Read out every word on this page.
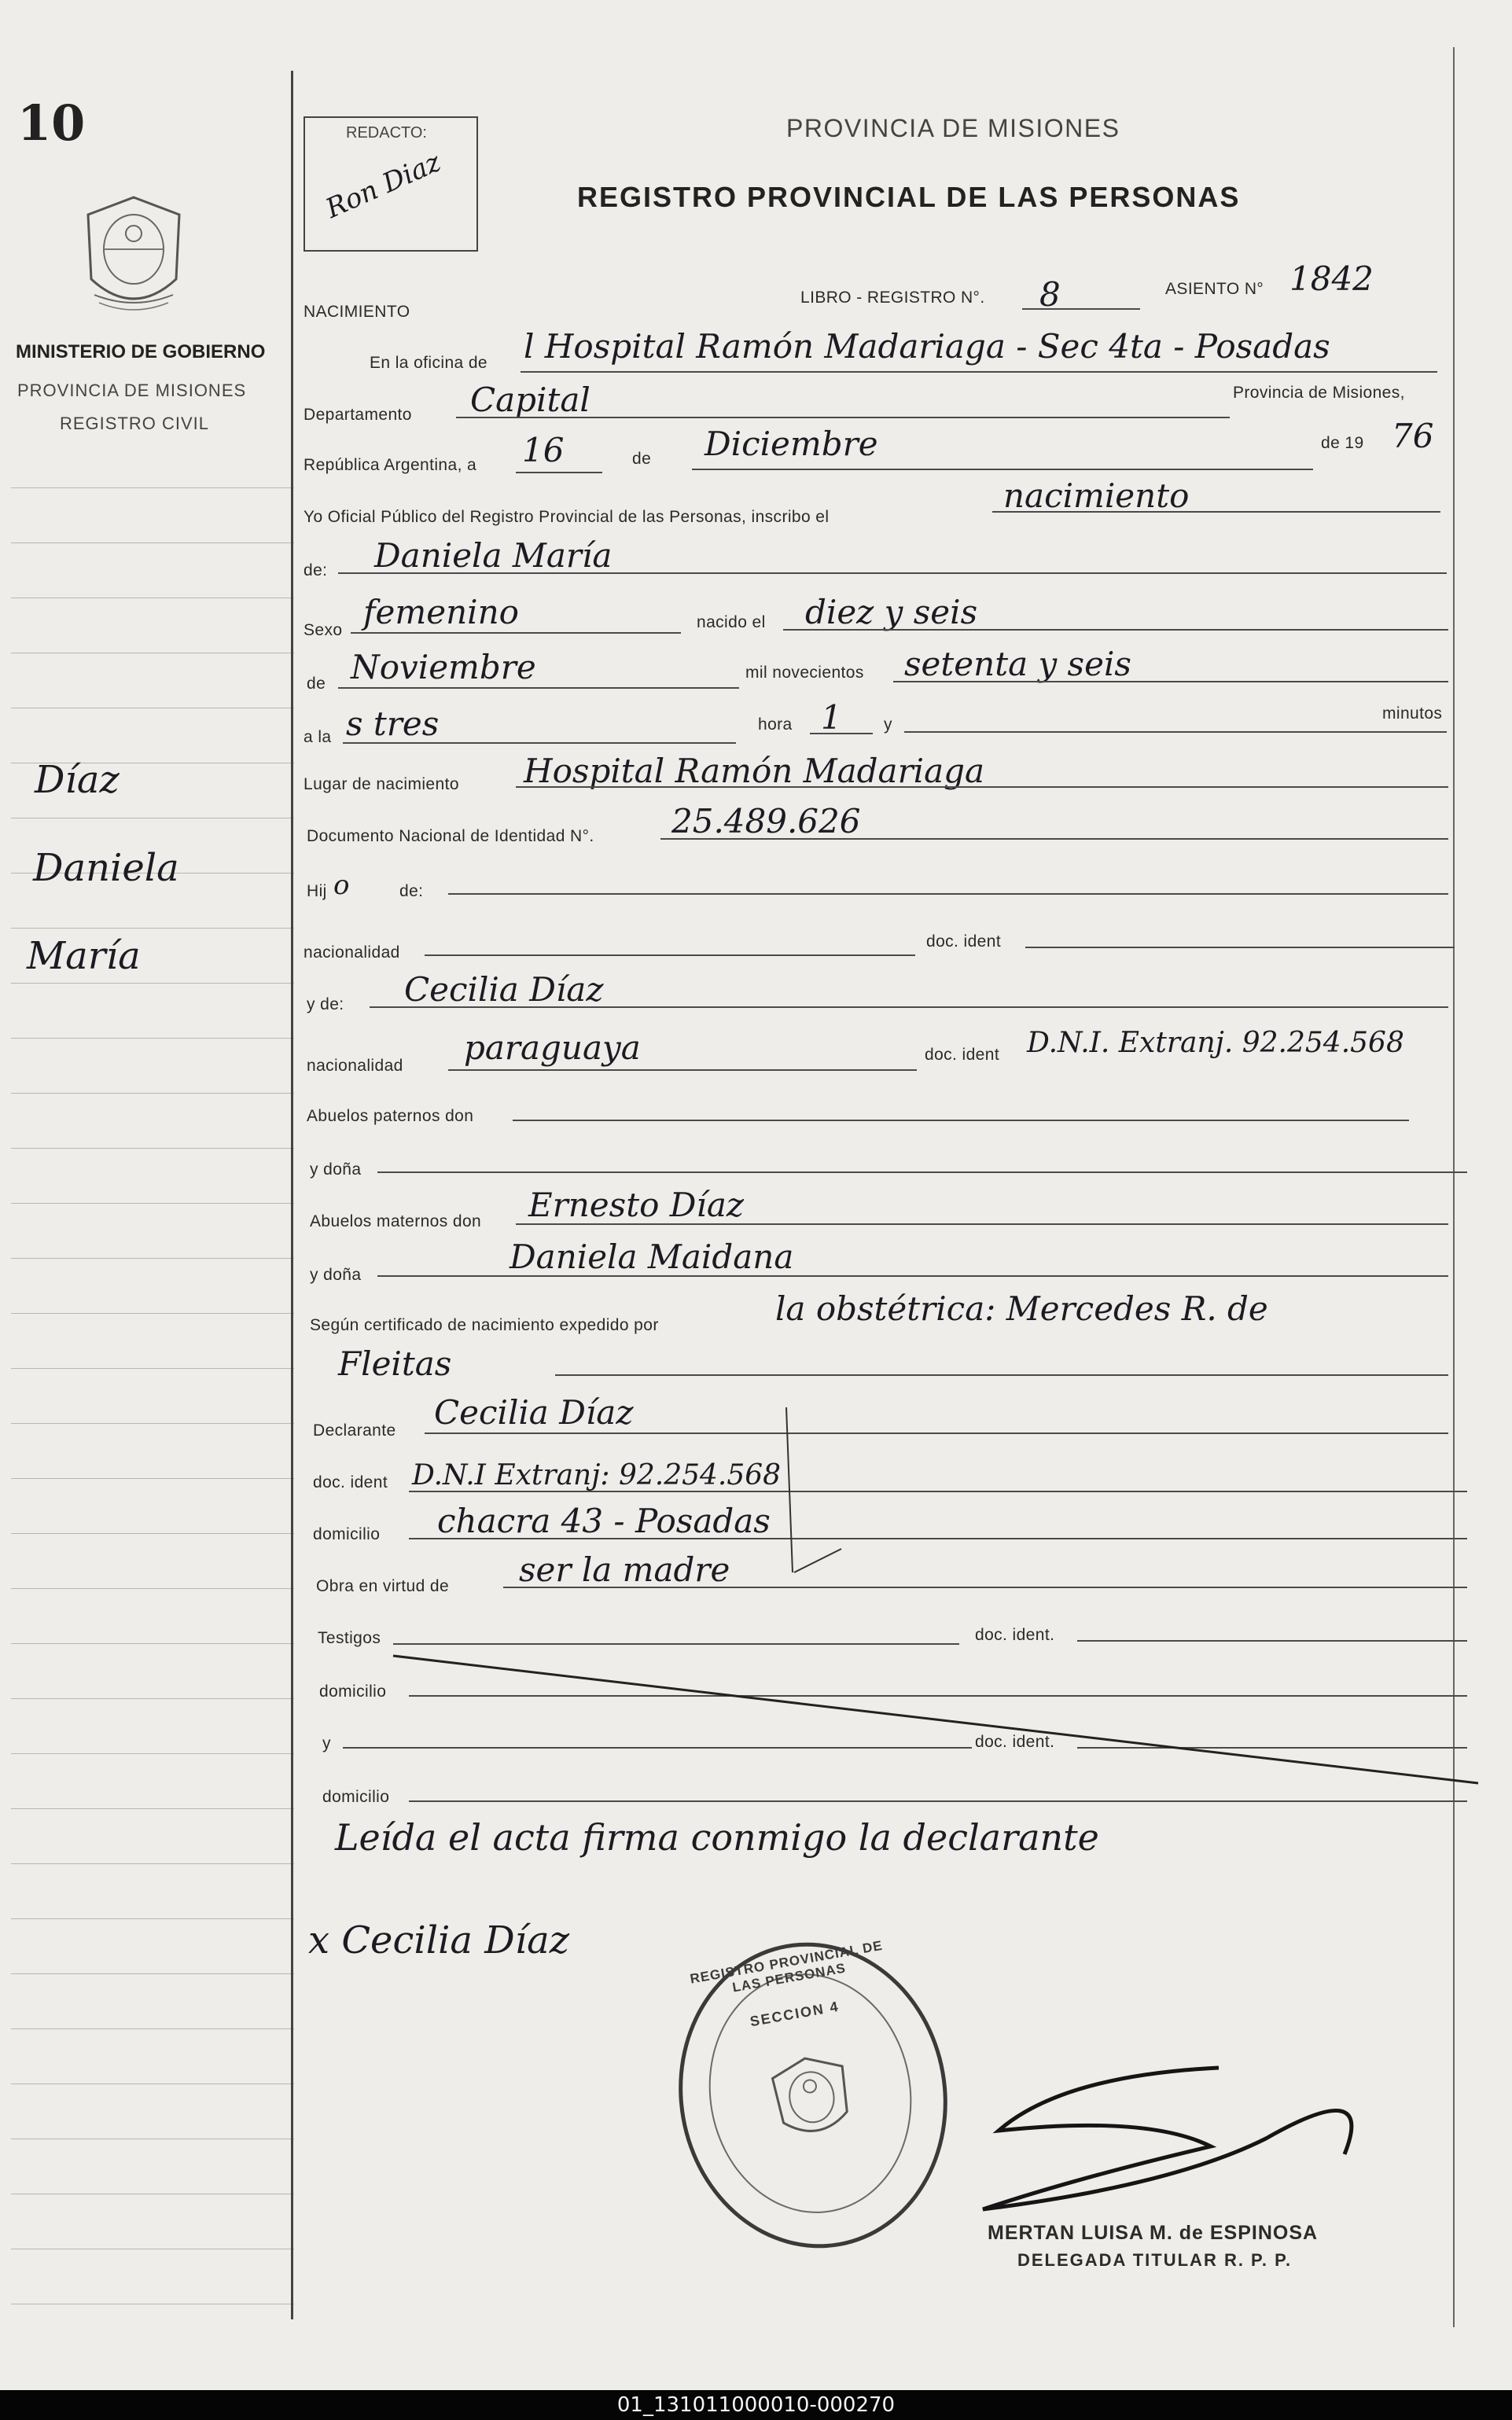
10
MINISTERIO DE GOBIERNO
PROVINCIA DE MISIONES
REGISTRO CIVIL
REDACTO:
Ron Diaz
PROVINCIA DE MISIONES
REGISTRO PROVINCIAL DE LAS PERSONAS
NACIMIENTO
LIBRO - REGISTRO N°. 8	ASIENTO N° 1842
En la oficina de l Hospital Ramón Madariaga - Sec 4ta - Posadas
Departamento Capital	Provincia de Misiones,
República Argentina, a 16	de Diciembre	de 19 76
Yo Oficial Público del Registro Provincial de las Personas, inscribo el
nacimiento
de: Daniela María
Sexo femenino	nacido el diez y seis
de Noviembre	mil novecientos setenta y seis
a la s tres	hora 1	y
minutos
Lugar de nacimiento Hospital Ramón Madariaga
Documento Nacional de Identidad N°. 25.489.626
Hij o	de:
nacionalidad
doc. ident
y de: Cecilia Díaz
nacionalidad paraguaya	doc. ident D.N.I. Extranj. 92.254.568
Abuelos paternos don
y doña
Abuelos maternos don Ernesto Díaz
y doña	Daniela Maidana
Según certificado de nacimiento expedido por	la obstétrica: Mercedes R. de
Fleitas
Declarante Cecilia Díaz
doc. ident D.N.I Extranj: 92.254.568
domicilio chacra 43 - Posadas
Obra en virtud de ser la madre
Testigos	doc. ident.
domicilio
y	doc. ident.
domicilio
Leída el acta firma conmigo la declarante
x Cecilia Díaz
Díaz
Daniela
María
REGISTRO PROVINCIAL DE LAS PERSONAS
SECCION 4
MERTAN LUISA M. de ESPINOSA
DELEGADA TITULAR R. P. P.
01_131011000010-000270
